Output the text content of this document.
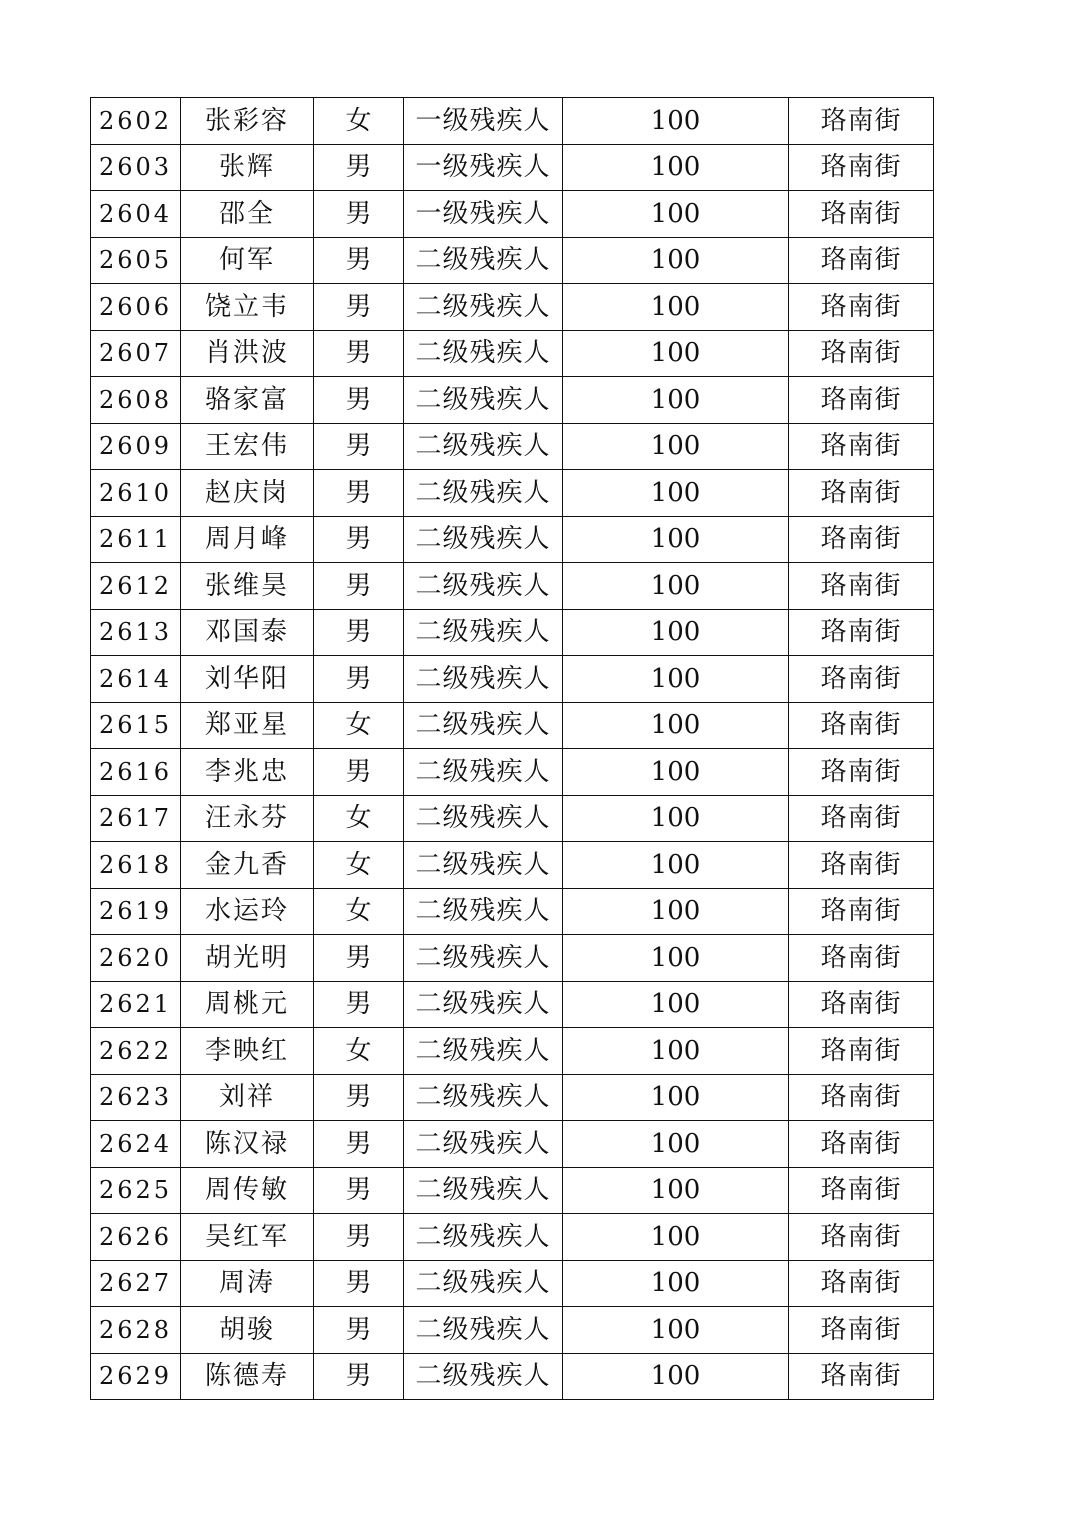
2602	张彩容	女	一级残疾人	100	珞南街
2603	张辉	男	一级残疾人	100	珞南街
2604	邵全	男	一级残疾人	100	珞南街
2605	何军	男	二级残疾人	100	珞南街
2606	饶立韦	男	二级残疾人	100	珞南街
2607	肖洪波	男	二级残疾人	100	珞南街
2608	骆家富	男	二级残疾人	100	珞南街
2609	王宏伟	男	二级残疾人	100	珞南街
2610	赵庆岗	男	二级残疾人	100	珞南街
2611	周月峰	男	二级残疾人	100	珞南街
2612	张维昊	男	二级残疾人	100	珞南街
2613	邓国泰	男	二级残疾人	100	珞南街
2614	刘华阳	男	二级残疾人	100	珞南街
2615	郑亚星	女	二级残疾人	100	珞南街
2616	李兆忠	男	二级残疾人	100	珞南街
2617	汪永芬	女	二级残疾人	100	珞南街
2618	金九香	女	二级残疾人	100	珞南街
2619	水运玲	女	二级残疾人	100	珞南街
2620	胡光明	男	二级残疾人	100	珞南街
2621	周桃元	男	二级残疾人	100	珞南街
2622	李映红	女	二级残疾人	100	珞南街
2623	刘祥	男	二级残疾人	100	珞南街
2624	陈汉禄	男	二级残疾人	100	珞南街
2625	周传敏	男	二级残疾人	100	珞南街
2626	吴红军	男	二级残疾人	100	珞南街
2627	周涛	男	二级残疾人	100	珞南街
2628	胡骏	男	二级残疾人	100	珞南街
2629	陈德寿	男	二级残疾人	100	珞南街
